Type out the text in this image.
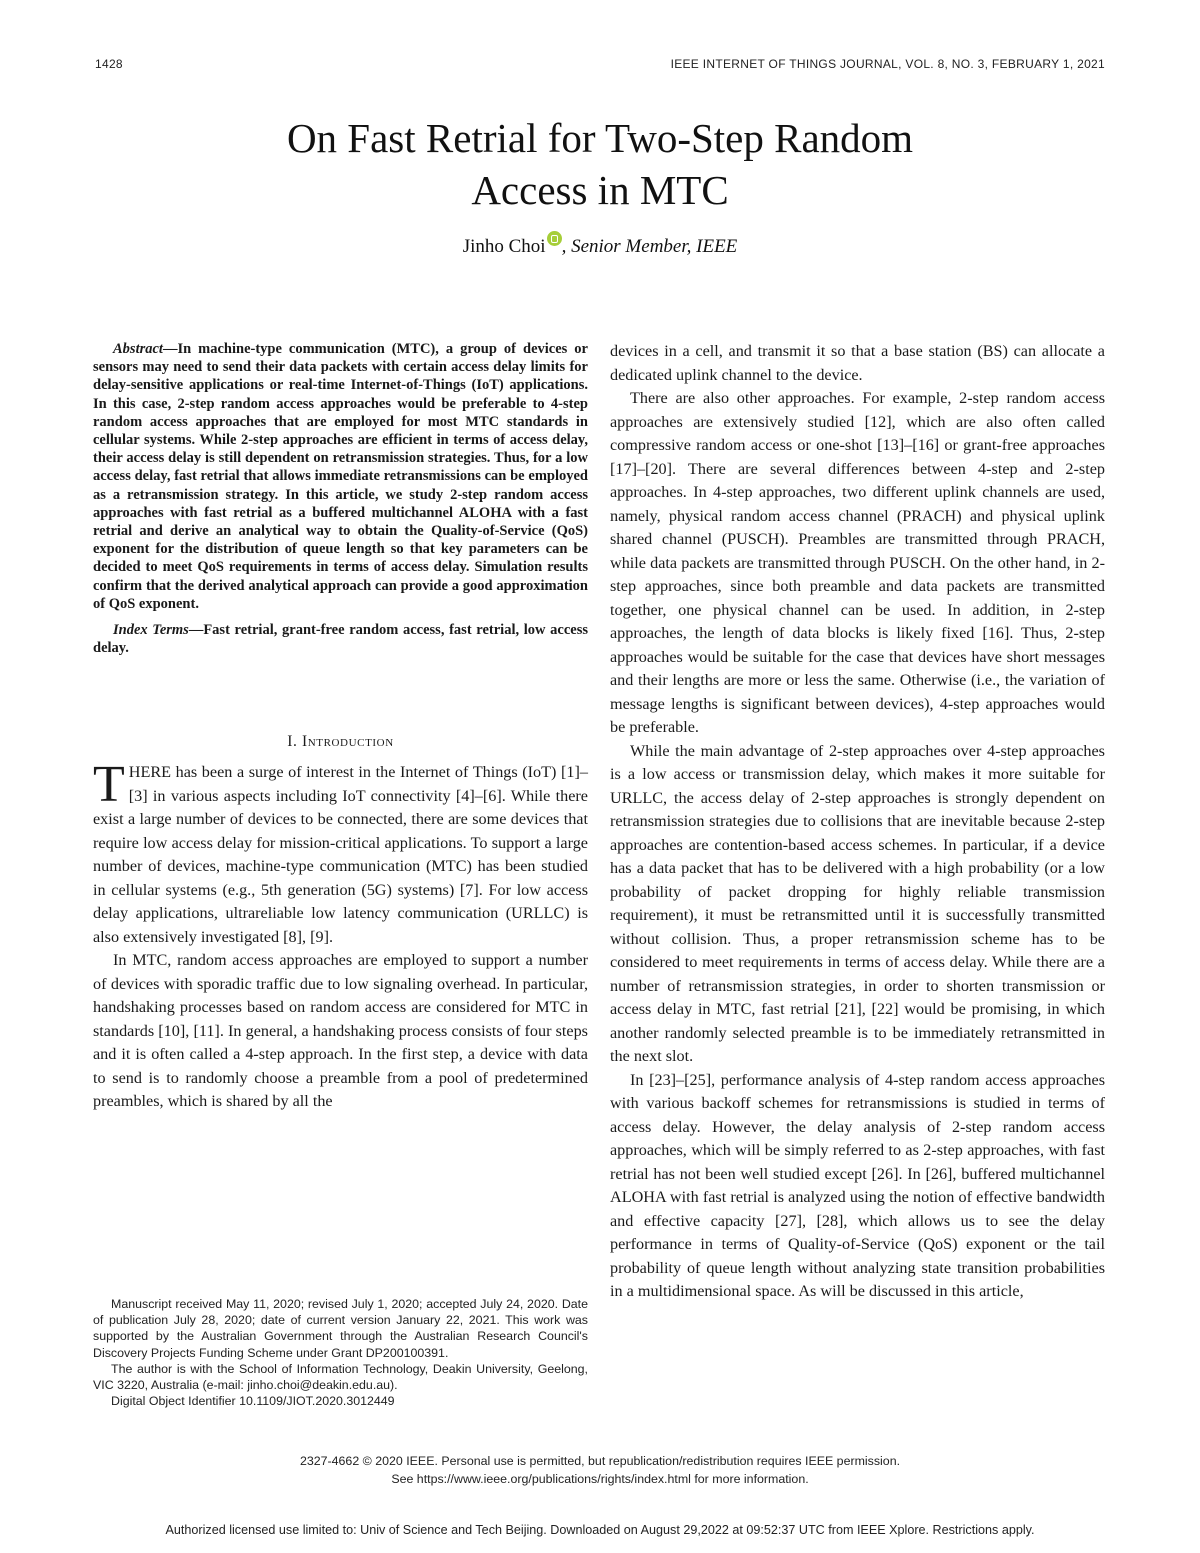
1428	IEEE INTERNET OF THINGS JOURNAL, VOL. 8, NO. 3, FEBRUARY 1, 2021
On Fast Retrial for Two-Step Random
Access in MTC
Jinho Choi , Senior Member, IEEE

Abstract—In machine-type communication (MTC), a group of devices or sensors may need to send their data packets with certain access delay limits for delay-sensitive applications or real-time Internet-of-Things (IoT) applications. In this case, 2-step random access approaches would be preferable to 4-step random access approaches that are employed for most MTC standards in cellular systems. While 2-step approaches are efficient in terms of access delay, their access delay is still dependent on retransmission strategies. Thus, for a low access delay, fast retrial that allows immediate retransmissions can be employed as a retransmission strategy. In this article, we study 2-step random access approaches with fast retrial as a buffered multichannel ALOHA with a fast retrial and derive an analytical way to obtain the Quality-of-Service (QoS) exponent for the distribution of queue length so that key parameters can be decided to meet QoS requirements in terms of access delay. Simulation results confirm that the derived analytical approach can provide a good approximation of QoS exponent.

Index Terms—Fast retrial, grant-free random access, fast retrial, low access delay.

I. Introduction

THERE has been a surge of interest in the Internet of Things (IoT) [1]–[3] in various aspects including IoT connectivity [4]–[6]. While there exist a large number of devices to be connected, there are some devices that require low access delay for mission-critical applications. To support a large number of devices, machine-type communication (MTC) has been studied in cellular systems (e.g., 5th generation (5G) systems) [7]. For low access delay applications, ultrareliable low latency communication (URLLC) is also extensively investigated [8], [9].

In MTC, random access approaches are employed to support a number of devices with sporadic traffic due to low signaling overhead. In particular, handshaking processes based on random access are considered for MTC in standards [10], [11]. In general, a handshaking process consists of four steps and it is often called a 4-step approach. In the first step, a device with data to send is to randomly choose a preamble from a pool of predetermined preambles, which is shared by all the

devices in a cell, and transmit it so that a base station (BS) can allocate a dedicated uplink channel to the device.

There are also other approaches. For example, 2-step random access approaches are extensively studied [12], which are also often called compressive random access or one-shot [13]–[16] or grant-free approaches [17]–[20]. There are several differences between 4-step and 2-step approaches. In 4-step approaches, two different uplink channels are used, namely, physical random access channel (PRACH) and physical uplink shared channel (PUSCH). Preambles are transmitted through PRACH, while data packets are transmitted through PUSCH. On the other hand, in 2-step approaches, since both preamble and data packets are transmitted together, one physical channel can be used. In addition, in 2-step approaches, the length of data blocks is likely fixed [16]. Thus, 2-step approaches would be suitable for the case that devices have short messages and their lengths are more or less the same. Otherwise (i.e., the variation of message lengths is significant between devices), 4-step approaches would be preferable.

While the main advantage of 2-step approaches over 4-step approaches is a low access or transmission delay, which makes it more suitable for URLLC, the access delay of 2-step approaches is strongly dependent on retransmission strategies due to collisions that are inevitable because 2-step approaches are contention-based access schemes. In particular, if a device has a data packet that has to be delivered with a high probability (or a low probability of packet dropping for highly reliable transmission requirement), it must be retransmitted until it is successfully transmitted without collision. Thus, a proper retransmission scheme has to be considered to meet requirements in terms of access delay. While there are a number of retransmission strategies, in order to shorten transmission or access delay in MTC, fast retrial [21], [22] would be promising, in which another randomly selected preamble is to be immediately retransmitted in the next slot.

In [23]–[25], performance analysis of 4-step random access approaches with various backoff schemes for retransmissions is studied in terms of access delay. However, the delay analysis of 2-step random access approaches, which will be simply referred to as 2-step approaches, with fast retrial has not been well studied except [26]. In [26], buffered multichannel ALOHA with fast retrial is analyzed using the notion of effective bandwidth and effective capacity [27], [28], which allows us to see the delay performance in terms of Quality-of-Service (QoS) exponent or the tail probability of queue length without analyzing state transition probabilities in a multidimensional space. As will be discussed in this article,

Manuscript received May 11, 2020; revised July 1, 2020; accepted July 24, 2020. Date of publication July 28, 2020; date of current version January 22, 2021. This work was supported by the Australian Government through the Australian Research Council's Discovery Projects Funding Scheme under Grant DP200100391.

The author is with the School of Information Technology, Deakin University, Geelong, VIC 3220, Australia (e-mail: jinho.choi@deakin.edu.au).

Digital Object Identifier 10.1109/JIOT.2020.3012449

2327-4662 © 2020 IEEE. Personal use is permitted, but republication/redistribution requires IEEE permission.
See https://www.ieee.org/publications/rights/index.html for more information.
Authorized licensed use limited to: Univ of Science and Tech Beijing. Downloaded on August 29,2022 at 09:52:37 UTC from IEEE Xplore. Restrictions apply.
